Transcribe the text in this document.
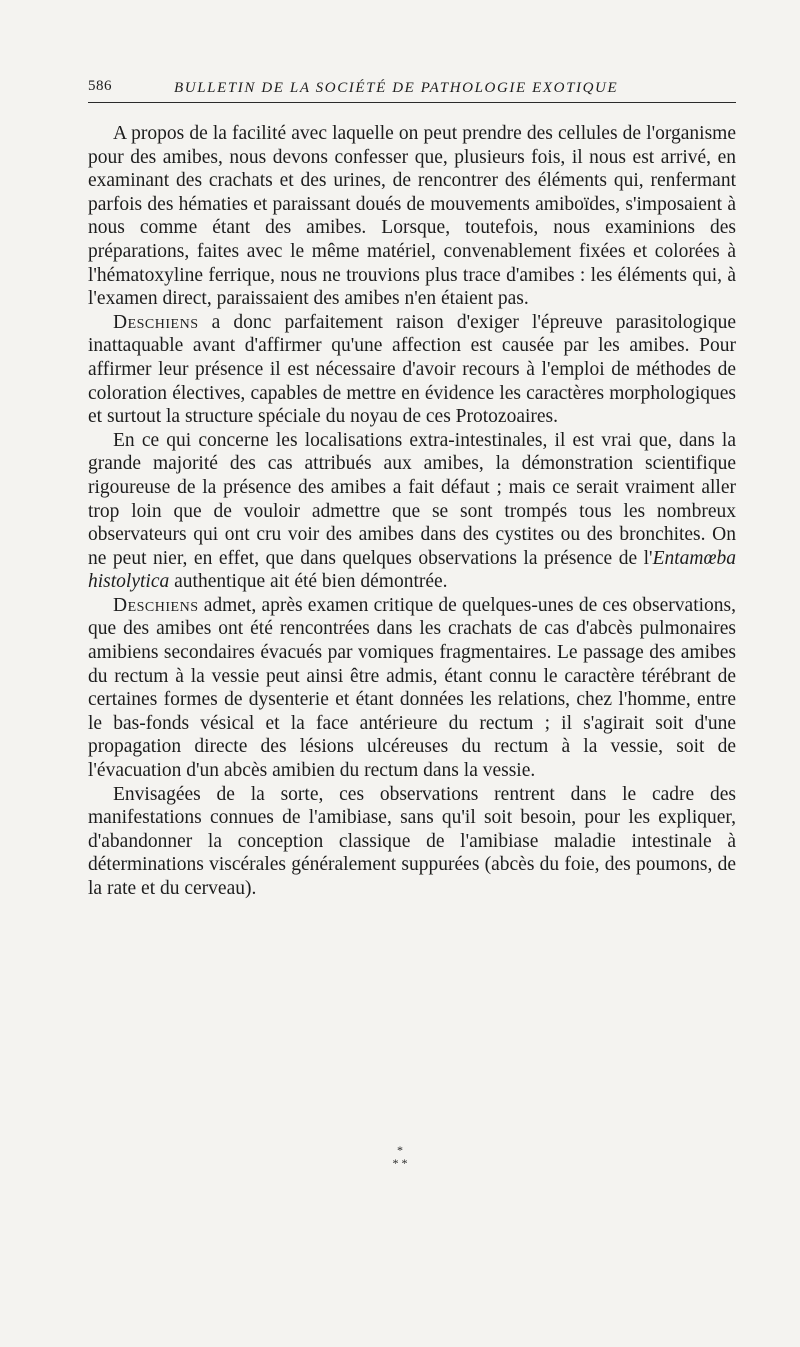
586	BULLETIN DE LA SOCIÉTÉ DE PATHOLOGIE EXOTIQUE

A propos de la facilité avec laquelle on peut prendre des cellules de l'organisme pour des amibes, nous devons confesser que, plusieurs fois, il nous est arrivé, en examinant des crachats et des urines, de rencontrer des éléments qui, renfermant parfois des hématies et paraissant doués de mouvements amiboïdes, s'imposaient à nous comme étant des amibes. Lorsque, toutefois, nous examinions des préparations, faites avec le même matériel, convenablement fixées et colorées à l'hématoxyline ferrique, nous ne trouvions plus trace d'amibes : les éléments qui, à l'examen direct, paraissaient des amibes n'en étaient pas.

Deschiens a donc parfaitement raison d'exiger l'épreuve parasitologique inattaquable avant d'affirmer qu'une affection est causée par les amibes. Pour affirmer leur présence il est nécessaire d'avoir recours à l'emploi de méthodes de coloration électives, capables de mettre en évidence les caractères morphologiques et surtout la structure spéciale du noyau de ces Protozoaires.

En ce qui concerne les localisations extra-intestinales, il est vrai que, dans la grande majorité des cas attribués aux amibes, la démonstration scientifique rigoureuse de la présence des amibes a fait défaut ; mais ce serait vraiment aller trop loin que de vouloir admettre que se sont trompés tous les nombreux observateurs qui ont cru voir des amibes dans des cystites ou des bronchites. On ne peut nier, en effet, que dans quelques observations la présence de l'Entamœba histolytica authentique ait été bien démontrée.

Deschiens admet, après examen critique de quelques-unes de ces observations, que des amibes ont été rencontrées dans les crachats de cas d'abcès pulmonaires amibiens secondaires évacués par vomiques fragmentaires. Le passage des amibes du rectum à la vessie peut ainsi être admis, étant connu le caractère térébrant de certaines formes de dysenterie et étant données les relations, chez l'homme, entre le bas-fonds vésical et la face antérieure du rectum ; il s'agirait soit d'une propagation directe des lésions ulcéreuses du rectum à la vessie, soit de l'évacuation d'un abcès amibien du rectum dans la vessie.

Envisagées de la sorte, ces observations rentrent dans le cadre des manifestations connues de l'amibiase, sans qu'il soit besoin, pour les expliquer, d'abandonner la conception classique de l'amibiase maladie intestinale à déterminations viscérales généralement suppurées (abcès du foie, des poumons, de la rate et du cerveau).

*
* *
